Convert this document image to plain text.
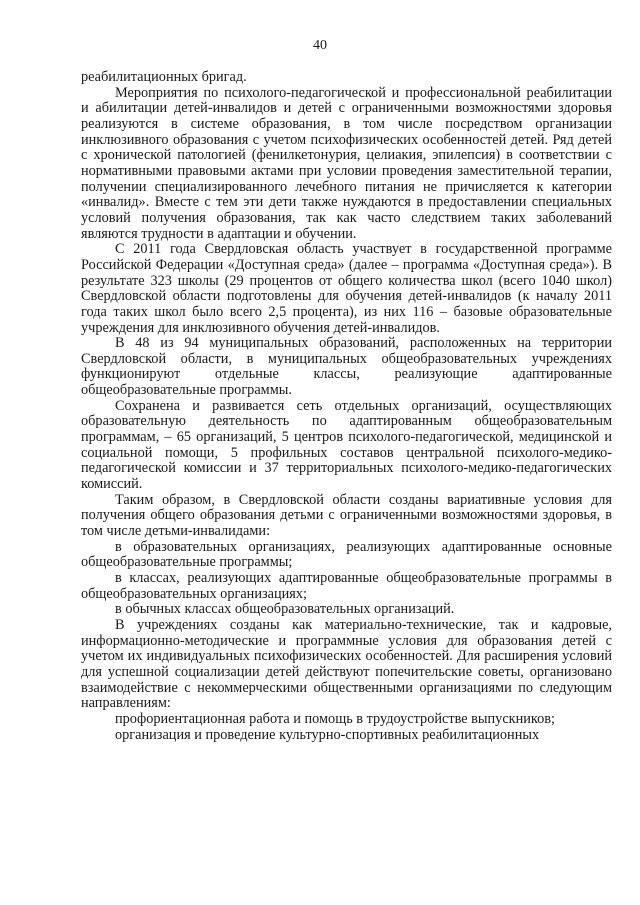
40

реабилитационных бригад.

Мероприятия по психолого-педагогической и профессиональной реабилитации и абилитации детей-инвалидов и детей с ограниченными возможностями здоровья реализуются в системе образования, в том числе посредством организации инклюзивного образования с учетом психофизических особенностей детей. Ряд детей с хронической патологией (фенилкетонурия, целиакия, эпилепсия) в соответствии с нормативными правовыми актами при условии проведения заместительной терапии, получении специализированного лечебного питания не причисляется к категории «инвалид». Вместе с тем эти дети также нуждаются в предоставлении специальных условий получения образования, так как часто следствием таких заболеваний являются трудности в адаптации и обучении.

С 2011 года Свердловская область участвует в государственной программе Российской Федерации «Доступная среда» (далее – программа «Доступная среда»). В результате 323 школы (29 процентов от общего количества школ (всего 1040 школ) Свердловской области подготовлены для обучения детей-инвалидов (к началу 2011 года таких школ было всего 2,5 процента), из них 116 – базовые образовательные учреждения для инклюзивного обучения детей-инвалидов.

В 48 из 94 муниципальных образований, расположенных на территории Свердловской области, в муниципальных общеобразовательных учреждениях функционируют отдельные классы, реализующие адаптированные общеобразовательные программы.

Сохранена и развивается сеть отдельных организаций, осуществляющих образовательную деятельность по адаптированным общеобразовательным программам, – 65 организаций, 5 центров психолого-педагогической, медицинской и социальной помощи, 5 профильных составов центральной психолого-медико-педагогической комиссии и 37 территориальных психолого-медико-педагогических комиссий.

Таким образом, в Свердловской области созданы вариативные условия для получения общего образования детьми с ограниченными возможностями здоровья, в том числе детьми-инвалидами:

в образовательных организациях, реализующих адаптированные основные общеобразовательные программы;

в классах, реализующих адаптированные общеобразовательные программы в общеобразовательных организациях;

в обычных классах общеобразовательных организаций.

В учреждениях созданы как материально-технические, так и кадровые, информационно-методические и программные условия для образования детей с учетом их индивидуальных психофизических особенностей. Для расширения условий для успешной социализации детей действуют попечительские советы, организовано взаимодействие с некоммерческими общественными организациями по следующим направлениям:

профориентационная работа и помощь в трудоустройстве выпускников;

организация и проведение культурно-спортивных реабилитационных
